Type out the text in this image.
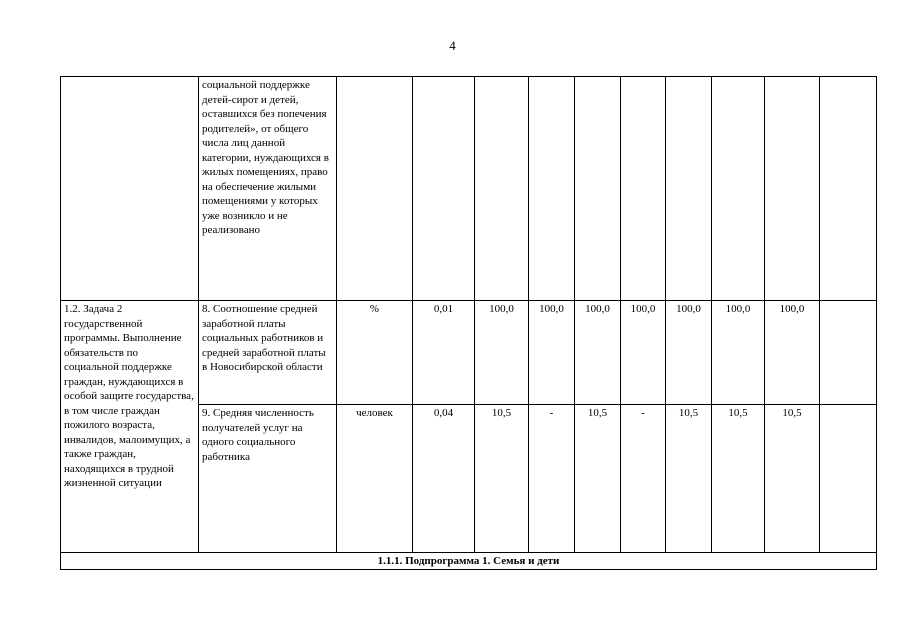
4
	социальной поддержке детей-сирот и детей, оставшихся без попечения родителей», от общего числа лиц данной категории, нуждающихся в жилых помещениях, право на обеспечение жилыми помещениями у которых уже возникло и не реализовано										
1.2. Задача 2 государственной программы. Выполнение обязательств по социальной поддержке граждан, нуждающихся в особой защите государства, в том числе граждан пожилого возраста, инвалидов, малоимущих, а также граждан, находящихся в трудной жизненной ситуации	8. Соотношение средней заработной платы социальных работников и средней заработной платы в Новосибирской области	%	0,01	100,0	100,0	100,0	100,0	100,0	100,0	100,0	
	9. Средняя численность получателей услуг на одного социального работника	человек	0,04	10,5	-	10,5	-	10,5	10,5	10,5	
1.1.1. Подпрограмма 1. Семья и дети											
